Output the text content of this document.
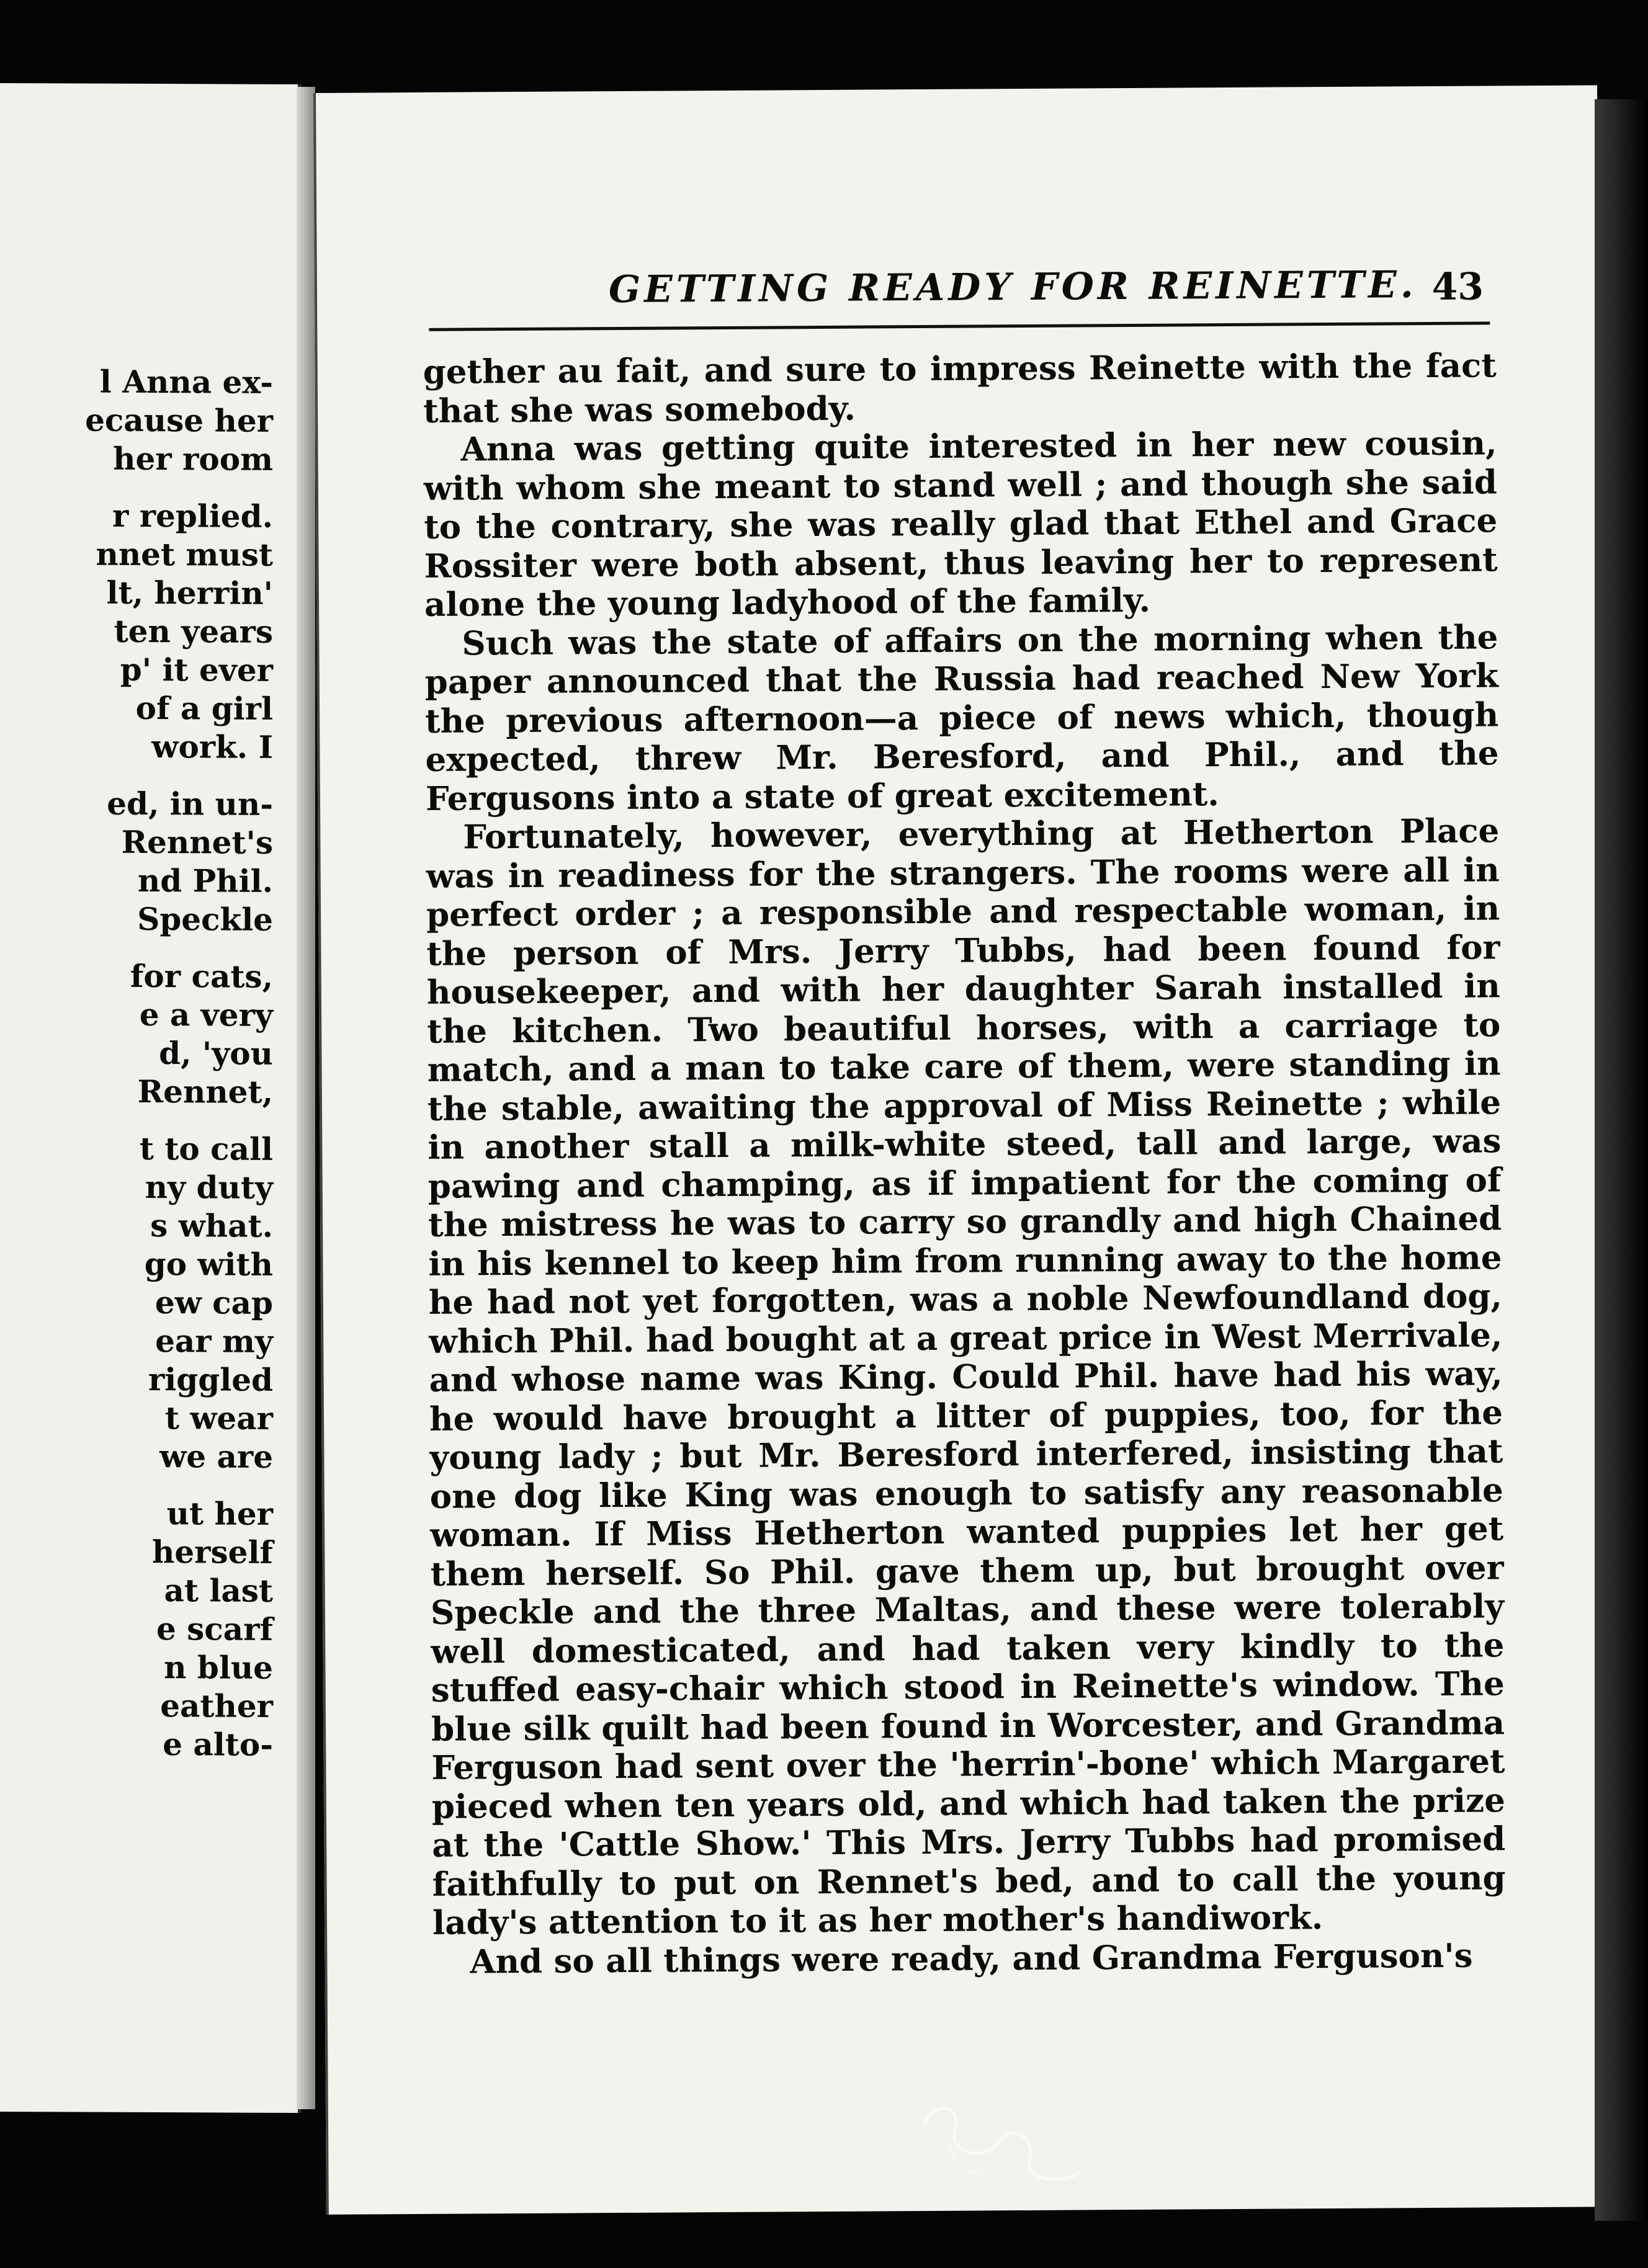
l Anna ex-
ecause her
her room
r replied.
nnet must
lt, herrin'
ten years
p' it ever
of a girl
work. I
ed, in un-
Rennet's
nd Phil.
Speckle
for cats,
e a very
d, 'you
Rennet,
t to call
ny duty
s what.
go with
ew cap
ear my
riggled
t wear
we are
ut her
herself
at last
e scarf
n blue
eather
e alto-
GETTING READY FOR REINETTE. 43

gether au fait, and sure to impress Reinette with the fact that she was somebody.

Anna was getting quite interested in her new cousin, with whom she meant to stand well ; and though she said to the contrary, she was really glad that Ethel and Grace Rossiter were both absent, thus leaving her to represent alone the young ladyhood of the family.

Such was the state of affairs on the morning when the paper announced that the Russia had reached New York the previous afternoon—a piece of news which, though expected, threw Mr. Beresford, and Phil., and the Fergusons into a state of great excitement.

Fortunately, however, everything at Hetherton Place was in readiness for the strangers. The rooms were all in perfect order ; a responsible and respectable woman, in the person of Mrs. Jerry Tubbs, had been found for housekeeper, and with her daughter Sarah installed in the kitchen. Two beautiful horses, with a carriage to match, and a man to take care of them, were standing in the stable, awaiting the approval of Miss Reinette ; while in another stall a milk-white steed, tall and large, was pawing and champing, as if impatient for the coming of the mistress he was to carry so grandly and high Chained in his kennel to keep him from running away to the home he had not yet forgotten, was a noble Newfoundland dog, which Phil. had bought at a great price in West Merrivale, and whose name was King. Could Phil. have had his way, he would have brought a litter of puppies, too, for the young lady ; but Mr. Beresford interfered, insisting that one dog like King was enough to satisfy any reasonable woman. If Miss Hetherton wanted puppies let her get them herself. So Phil. gave them up, but brought over Speckle and the three Maltas, and these were tolerably well domesticated, and had taken very kindly to the stuffed easy-chair which stood in Reinette's window. The blue silk quilt had been found in Worcester, and Grandma Ferguson had sent over the 'herrin'-bone' which Margaret pieced when ten years old, and which had taken the prize at the 'Cattle Show.' This Mrs. Jerry Tubbs had promised faithfully to put on Rennet's bed, and to call the young lady's attention to it as her mother's handiwork.

And so all things were ready, and Grandma Ferguson's
